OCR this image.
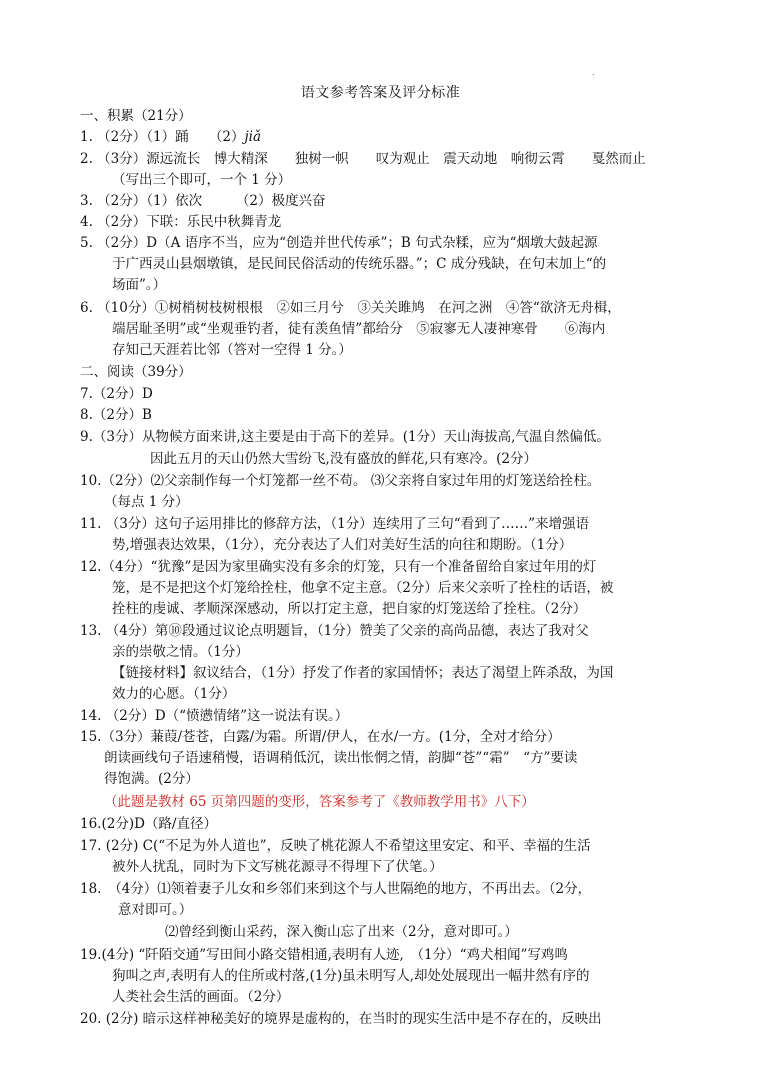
.
语文参考答案及评分标准
一、积累（21分）
1. （2分）（1）踊　　（2）jiǎ
2. （3分）源远流长　博大精深　　独树一帜　　叹为观止　震天动地　响彻云霄　　戛然而止
（写出三个即可，一个 1 分）
3. （2分）（1）依次　　　（2）极度兴奋
4. （2分）下联：乐民中秋舞青龙
5. （2分）D（A 语序不当，应为“创造并世代传承”；B 句式杂糅，应为“烟墩大鼓起源
于广西灵山县烟墩镇，是民间民俗活动的传统乐器。”；C 成分残缺，在句末加上“的
场面”。）
6. （10分）①树梢树枝树根根　②如三月兮　③关关雎鸠　在河之洲　④答“欲济无舟楫，
端居耻圣明”或“坐观垂钓者，徒有羡鱼情”都给分　⑤寂寥无人凄神寒骨　　⑥海内
存知己天涯若比邻（答对一空得 1 分。）
二、阅读（39分）
7.（2分）D
8.（2分）B
9.（3分）从物候方面来讲,这主要是由于高下的差异。(1分）天山海拔高,气温自然偏低。
因此五月的天山仍然大雪纷飞,没有盛放的鲜花,只有寒冷。(2分）
10.（2分）⑵父亲制作每一个灯笼都一丝不苟。 ⑶父亲将自家过年用的灯笼送给拴柱。
（每点 1 分）
11. （3分）这句子运用排比的修辞方法，（1分）连续用了三句“看到了……”来增强语
势,增强表达效果，（1分），充分表达了人们对美好生活的向往和期盼。（1分）
12.（4分）“犹豫”是因为家里确实没有多余的灯笼，只有一个准备留给自家过年用的灯
笼，是不是把这个灯笼给拴柱，他拿不定主意。（2分）后来父亲听了拴柱的话语，被
拴柱的虔诚、孝顺深深感动，所以打定主意，把自家的灯笼送给了拴柱。（2分）
13. （4分）第⑩段通过议论点明题旨，（1分）赞美了父亲的高尚品德，表达了我对父
亲的崇敬之情。（1分）
【链接材料】叙议结合，（1分）抒发了作者的家国情怀；表达了渴望上阵杀敌，为国
效力的心愿。（1分）
14. （2分）D（“愤懑情绪”这一说法有误。）
15.（3分）蒹葭/苍苍，白露/为霜。所谓/伊人，在水/一方。(1分，全对才给分）
朗读画线句子语速稍慢，语调稍低沉，读出怅惘之情，韵脚“苍”“霜”　“方”要读
得饱满。(2分）
（此题是教材 65 页第四题的变形，答案参考了《教师教学用书》八下）
16.(2分)D（路/直径）
17. (2分) C(“不足为外人道也”，反映了桃花源人不希望这里安定、和平、幸福的生活
被外人扰乱，同时为下文写桃花源寻不得埋下了伏笔。）
18.　（4分）⑴领着妻子儿女和乡邻们来到这个与人世隔绝的地方，不再出去。（2分，
意对即可。）
⑵曾经到衡山采药，深入衡山忘了出来（2分，意对即可。）
19.(4分) “阡陌交通”写田间小路交错相通,表明有人迹,　（1分）“鸡犬相闻”写鸡鸣
狗叫之声,表明有人的住所或村落,(1分)虽未明写人,却处处展现出一幅井然有序的
人类社会生活的画面。（2分）
20. (2分) 暗示这样神秘美好的境界是虚构的，在当时的现实生活中是不存在的，反映出
